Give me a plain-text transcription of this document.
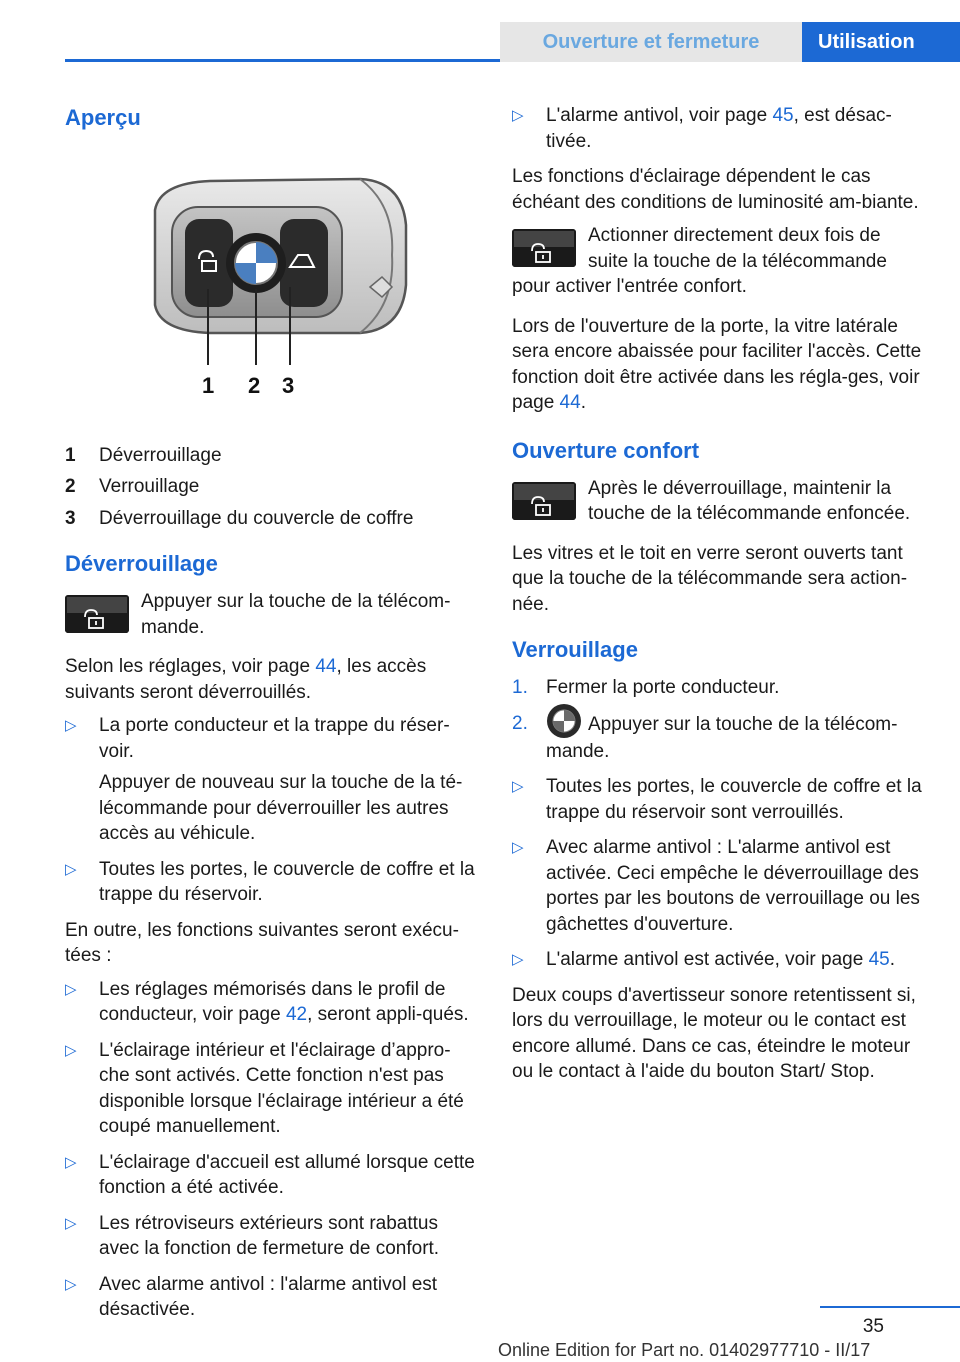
Ouverture et fermeture	Utilisation
Aperçu
1 2 3
1	Déverrouillage
2	Verrouillage
3	Déverrouillage du couvercle de coffre
Déverrouillage

Appuyer sur la touche de la télécom‐mande.

Selon les réglages, voir page 44, les accès suivants seront déverrouillés.

▷ La porte conducteur et la trappe du réser‐voir.

Appuyer de nouveau sur la touche de la té‐lécommande pour déverrouiller les autres accès au véhicule.

▷ Toutes les portes, le couvercle de coffre et la trappe du réservoir.

En outre, les fonctions suivantes seront exécu‐tées :

▷ Les réglages mémorisés dans le profil de conducteur, voir page 42, seront appli‐qués.

▷ L'éclairage intérieur et l'éclairage d’appro‐che sont activés. Cette fonction n'est pas disponible lorsque l'éclairage intérieur a été coupé manuellement.

▷ L'éclairage d'accueil est allumé lorsque cette fonction a été activée.

▷ Les rétroviseurs extérieurs sont rabattus avec la fonction de fermeture de confort.

▷ Avec alarme antivol : l'alarme antivol est désactivée.

▷ L'alarme antivol, voir page 45, est désac‐tivée.

Les fonctions d'éclairage dépendent le cas échéant des conditions de luminosité am‐biante.

Actionner directement deux fois de suite la touche de la télécommande pour activer l'entrée confort.

Lors de l'ouverture de la porte, la vitre latérale sera encore abaissée pour faciliter l'accès. Cette fonction doit être activée dans les régla‐ges, voir page 44.

Ouverture confort

Après le déverrouillage, maintenir la touche de la télécommande enfoncée.

Les vitres et le toit en verre seront ouverts tant que la touche de la télécommande sera action‐née.

Verrouillage
1. Fermer la porte conducteur.

2.	Appuyer sur la touche de la télécom‐mande.

▷ Toutes les portes, le couvercle de coffre et la trappe du réservoir sont verrouillés.

▷ Avec alarme antivol : L'alarme antivol est activée. Ceci empêche le déverrouillage des portes par les boutons de verrouillage ou les gâchettes d'ouverture.

▷ L'alarme antivol est activée, voir page 45.

Deux coups d'avertisseur sonore retentissent si, lors du verrouillage, le moteur ou le contact est encore allumé. Dans ce cas, éteindre le moteur ou le contact à l'aide du bouton Start/ Stop.

35
Online Edition for Part no. 01402977710 - II/17
